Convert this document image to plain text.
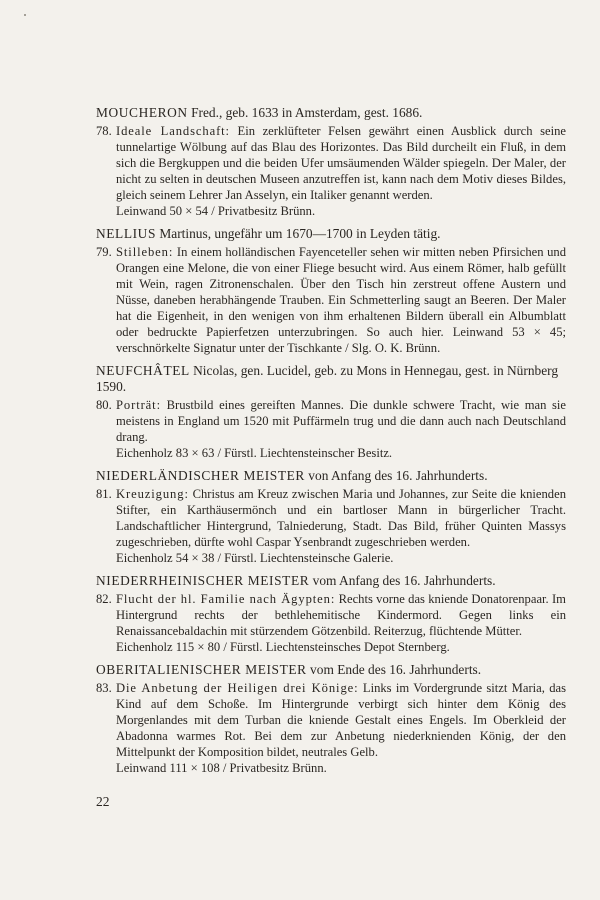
MOUCHERON Fred., geb. 1633 in Amsterdam, gest. 1686.
78. Ideale Landschaft: Ein zerklüfteter Felsen gewährt einen Ausblick durch seine tunnelartige Wölbung auf das Blau des Horizontes. Das Bild durcheilt ein Fluß, in dem sich die Bergkuppen und die beiden Ufer umsäumenden Wälder spiegeln. Der Maler, der nicht zu selten in deutschen Museen anzutreffen ist, kann nach dem Motiv dieses Bildes, gleich seinem Lehrer Jan Asselyn, ein Italiker genannt werden.
Leinwand 50 × 54 / Privatbesitz Brünn.
NELLIUS Martinus, ungefähr um 1670—1700 in Leyden tätig.
79. Stilleben: In einem holländischen Fayenceteller sehen wir mitten neben Pfirsichen und Orangen eine Melone, die von einer Fliege besucht wird. Aus einem Römer, halb gefüllt mit Wein, ragen Zitronenschalen. Über den Tisch hin zerstreut offene Austern und Nüsse, daneben herabhängende Trauben. Ein Schmetterling saugt an Beeren. Der Maler hat die Eigenheit, in den wenigen von ihm erhaltenen Bildern überall ein Albumblatt oder bedruckte Papierfetzen unterzubringen. So auch hier. Leinwand 53 × 45; verschnörkelte Signatur unter der Tischkante / Slg. O. K. Brünn.
NEUFCHÂTEL Nicolas, gen. Lucidel, geb. zu Mons in Hennegau, gest. in Nürnberg 1590.
80. Porträt: Brustbild eines gereiften Mannes. Die dunkle schwere Tracht, wie man sie meistens in England um 1520 mit Puffärmeln trug und die dann auch nach Deutschland drang.
Eichenholz 83 × 63 / Fürstl. Liechtensteinscher Besitz.
NIEDERLÄNDISCHER MEISTER von Anfang des 16. Jahrhunderts.
81. Kreuzigung: Christus am Kreuz zwischen Maria und Johannes, zur Seite die knienden Stifter, ein Karthäusermönch und ein bartloser Mann in bürgerlicher Tracht. Landschaftlicher Hintergrund, Talniederung, Stadt. Das Bild, früher Quinten Massys zugeschrieben, dürfte wohl Caspar Ysenbrandt zugeschrieben werden.
Eichenholz 54 × 38 / Fürstl. Liechtensteinsche Galerie.
NIEDERRHEINISCHER MEISTER vom Anfang des 16. Jahrhunderts.
82. Flucht der hl. Familie nach Ägypten: Rechts vorne das kniende Donatorenpaar. Im Hintergrund rechts der bethlehemitische Kindermord. Gegen links ein Renaissancebaldachin mit stürzendem Götzenbild. Reiterzug, flüchtende Mütter.
Eichenholz 115 × 80 / Fürstl. Liechtensteinsches Depot Sternberg.
OBERITALIENISCHER MEISTER vom Ende des 16. Jahrhunderts.
83. Die Anbetung der Heiligen drei Könige: Links im Vordergrunde sitzt Maria, das Kind auf dem Schoße. Im Hintergrunde verbirgt sich hinter dem König des Morgenlandes mit dem Turban die kniende Gestalt eines Engels. Im Oberkleid der Abadonna warmes Rot. Bei dem zur Anbetung niederknienden König, der den Mittelpunkt der Komposition bildet, neutrales Gelb.
Leinwand 111 × 108 / Privatbesitz Brünn.
22
